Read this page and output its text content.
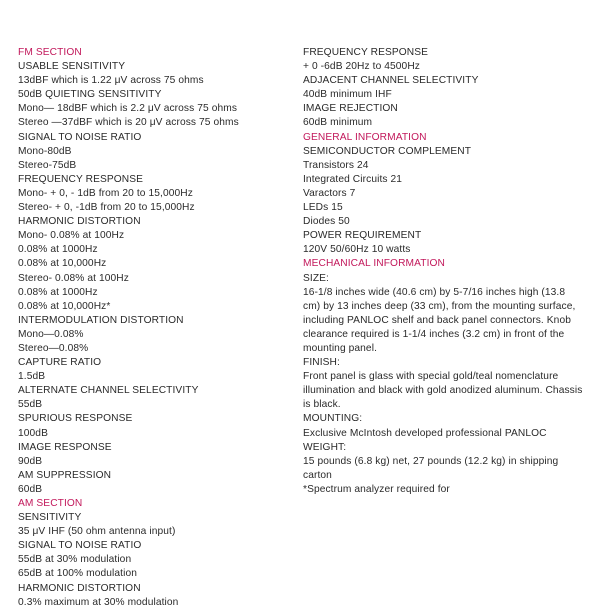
FM SECTION
USABLE SENSITIVITY
13dBF which is 1.22 μV across 75 ohms
50dB QUIETING SENSITIVITY
Mono— 18dBF which is 2.2 μV across 75 ohms
Stereo —37dBF which is 20 μV across 75 ohms
SIGNAL TO NOISE RATIO
Mono-80dB
Stereo-75dB
FREQUENCY RESPONSE
Mono- + 0, - 1dB from 20 to 15,000Hz
Stereo- + 0, -1dB from 20 to 15,000Hz
HARMONIC DISTORTION
Mono- 0.08% at 100Hz
0.08% at 1000Hz
0.08% at 10,000Hz
Stereo- 0.08% at 100Hz
0.08% at 1000Hz
0.08% at 10,000Hz*
INTERMODULATION DISTORTION
Mono—0.08%
Stereo—0.08%
CAPTURE RATIO
1.5dB
ALTERNATE CHANNEL SELECTIVITY
55dB
SPURIOUS RESPONSE
100dB
IMAGE RESPONSE
90dB
AM SUPPRESSION
60dB
AM SECTION
SENSITIVITY
35 μV IHF (50 ohm antenna input)
SIGNAL TO NOISE RATIO
55dB at 30% modulation
65dB at 100% modulation
HARMONIC DISTORTION
0.3% maximum at 30% modulation
FREQUENCY RESPONSE
+ 0 -6dB 20Hz to 4500Hz
ADJACENT CHANNEL SELECTIVITY
40dB minimum IHF
IMAGE REJECTION
60dB minimum
GENERAL INFORMATION
SEMICONDUCTOR COMPLEMENT
Transistors 24
Integrated Circuits 21
Varactors 7
LEDs 15
Diodes 50
POWER REQUIREMENT
120V 50/60Hz 10 watts
MECHANICAL INFORMATION
SIZE:
16-1/8 inches wide (40.6 cm) by 5-7/16 inches high (13.8 cm) by 13 inches deep (33 cm), from the mounting surface, including PANLOC shelf and back panel connectors. Knob clearance required is 1-1/4 inches (3.2 cm) in front of the mounting panel.
FINISH:
Front panel is glass with special gold/teal nomenclature illumination and black with gold anodized aluminum. Chassis is black.
MOUNTING:
Exclusive McIntosh developed professional PANLOC
WEIGHT:
15 pounds (6.8 kg) net, 27 pounds (12.2 kg) in shipping carton
*Spectrum analyzer required for
